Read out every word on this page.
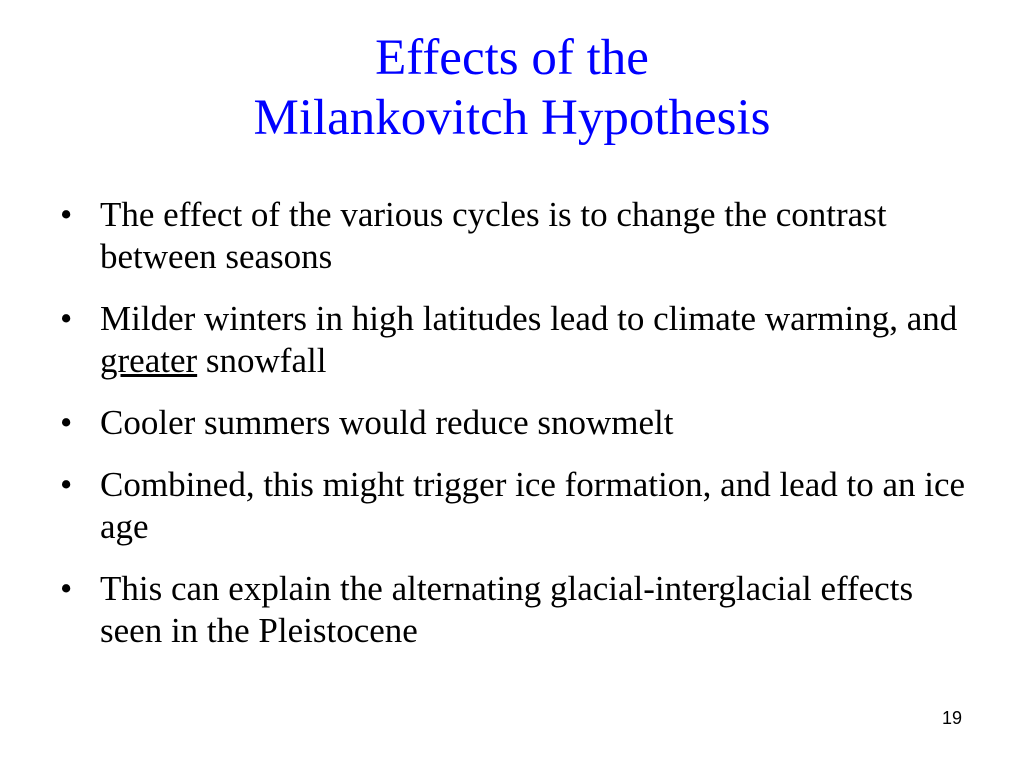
Effects of the
Milankovitch Hypothesis
• The effect of the various cycles is to change the contrast between seasons
• Milder winters in high latitudes lead to climate warming, and greater snowfall
• Cooler summers would reduce snowmelt
• Combined, this might trigger ice formation, and lead to an ice age
• This can explain the alternating glacial-interglacial effects seen in the Pleistocene
19
